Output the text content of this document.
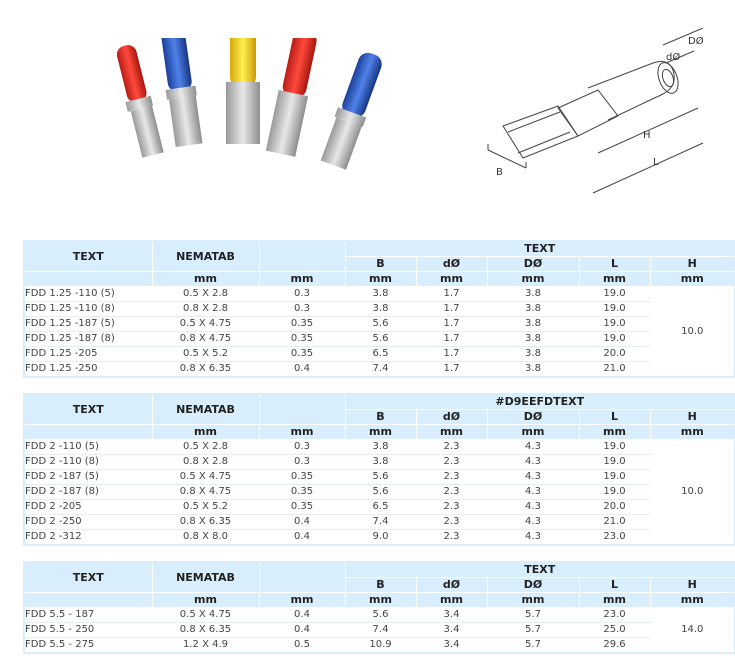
DØ
dØ
H
L
B
TEXT	NEMATAB		TEXT				
			B	dØ	DØ	L	H
	mm	mm	mm	mm	mm	mm	mm
FDD 1.25 -110 (5)	0.5 X 2.8	0.3	3.8	1.7	3.8	19.0	10.0
FDD 1.25 -110 (8)	0.8 X 2.8	0.3	3.8	1.7	3.8	19.0	
FDD 1.25 -187 (5)	0.5 X 4.75	0.35	5.6	1.7	3.8	19.0	
FDD 1.25 -187 (8)	0.8 X 4.75	0.35	5.6	1.7	3.8	19.0	
FDD 1.25 -205	0.5 X 5.2	0.35	6.5	1.7	3.8	20.0	
FDD 1.25 -250	0.8 X 6.35	0.4	7.4	1.7	3.8	21.0	
TEXT	NEMATAB		#D9EEFDTEXT				
			B	dØ	DØ	L	H
	mm	mm	mm	mm	mm	mm	mm
FDD 2 -110 (5)	0.5 X 2.8	0.3	3.8	2.3	4.3	19.0	10.0
FDD 2 -110 (8)	0.8 X 2.8	0.3	3.8	2.3	4.3	19.0	
FDD 2 -187 (5)	0.5 X 4.75	0.35	5.6	2.3	4.3	19.0	
FDD 2 -187 (8)	0.8 X 4.75	0.35	5.6	2.3	4.3	19.0	
FDD 2 -205	0.5 X 5.2	0.35	6.5	2.3	4.3	20.0	
FDD 2 -250	0.8 X 6.35	0.4	7.4	2.3	4.3	21.0	
FDD 2 -312	0.8 X 8.0	0.4	9.0	2.3	4.3	23.0	
TEXT	NEMATAB		TEXT				
			B	dØ	DØ	L	H
	mm	mm	mm	mm	mm	mm	mm
FDD 5.5 - 187	0.5 X 4.75	0.4	5.6	3.4	5.7	23.0	14.0
FDD 5.5 - 250	0.8 X 6.35	0.4	7.4	3.4	5.7	25.0	
FDD 5.5 - 275	1.2 X 4.9	0.5	10.9	3.4	5.7	29.6	
